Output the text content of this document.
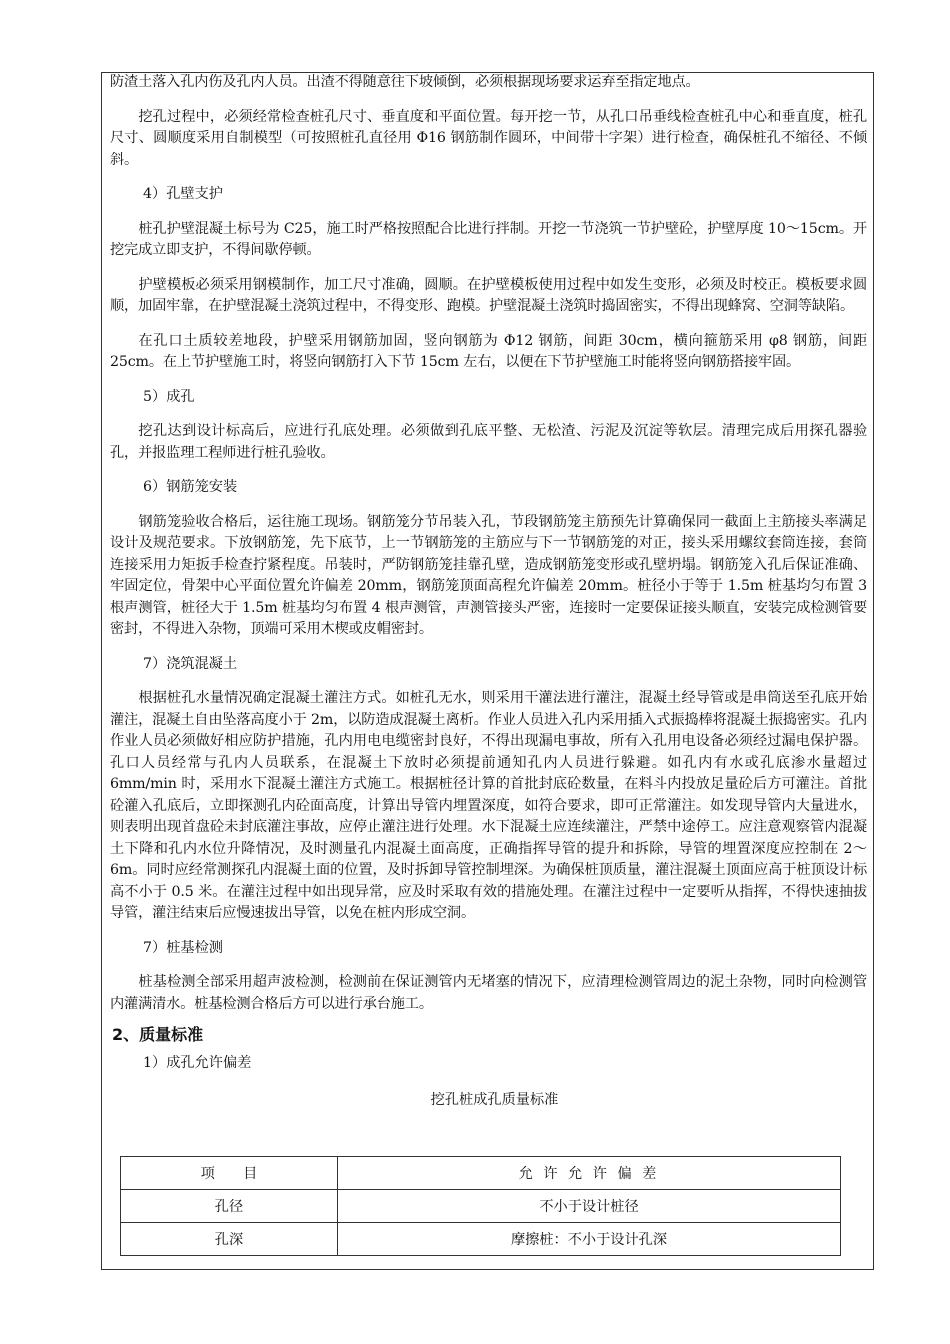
防渣土落入孔内伤及孔内人员。出渣不得随意往下坡倾倒，必须根据现场要求运弃至指定地点。

挖孔过程中，必须经常检查桩孔尺寸、垂直度和平面位置。每开挖一节，从孔口吊垂线检查桩孔中心和垂直度，桩孔尺寸、圆顺度采用自制模型（可按照桩孔直径用 Φ16 钢筋制作圆环，中间带十字架）进行检查，确保桩孔不缩径、不倾斜。

4）孔壁支护

桩孔护壁混凝土标号为 C25，施工时严格按照配合比进行拌制。开挖一节浇筑一节护壁砼，护壁厚度 10～15cm。开挖完成立即支护，不得间歇停顿。

护壁模板必须采用钢模制作，加工尺寸准确，圆顺。在护壁模板使用过程中如发生变形，必须及时校正。模板要求圆顺，加固牢靠，在护壁混凝土浇筑过程中，不得变形、跑模。护壁混凝土浇筑时捣固密实，不得出现蜂窝、空洞等缺陷。

在孔口土质较差地段，护壁采用钢筋加固，竖向钢筋为 Φ12 钢筋，间距 30cm，横向箍筋采用 φ8 钢筋，间距 25cm。在上节护壁施工时，将竖向钢筋打入下节 15cm 左右，以便在下节护壁施工时能将竖向钢筋搭接牢固。

5）成孔

挖孔达到设计标高后，应进行孔底处理。必须做到孔底平整、无松渣、污泥及沉淀等软层。清理完成后用探孔器验孔，并报监理工程师进行桩孔验收。

6）钢筋笼安装

钢筋笼验收合格后，运往施工现场。钢筋笼分节吊装入孔，节段钢筋笼主筋预先计算确保同一截面上主筋接头率满足设计及规范要求。下放钢筋笼，先下底节，上一节钢筋笼的主筋应与下一节钢筋笼的对正，接头采用螺纹套筒连接，套筒连接采用力矩扳手检查拧紧程度。吊装时，严防钢筋笼挂靠孔壁，造成钢筋笼变形或孔壁坍塌。钢筋笼入孔后保证准确、牢固定位，骨架中心平面位置允许偏差 20mm，钢筋笼顶面高程允许偏差 20mm。桩径小于等于 1.5m 桩基均匀布置 3 根声测管，桩径大于 1.5m 桩基均匀布置 4 根声测管，声测管接头严密，连接时一定要保证接头顺直，安装完成检测管要密封，不得进入杂物，顶端可采用木楔或皮帽密封。

7）浇筑混凝土

根据桩孔水量情况确定混凝土灌注方式。如桩孔无水，则采用干灌法进行灌注，混凝土经导管或是串筒送至孔底开始灌注，混凝土自由坠落高度小于 2m，以防造成混凝土离析。作业人员进入孔内采用插入式振捣棒将混凝土振捣密实。孔内作业人员必须做好相应防护措施，孔内用电电缆密封良好，不得出现漏电事故，所有入孔用电设备必须经过漏电保护器。孔口人员经常与孔内人员联系，在混凝土下放时必须提前通知孔内人员进行躲避。如孔内有水或孔底渗水量超过 6mm/min 时，采用水下混凝土灌注方式施工。根据桩径计算的首批封底砼数量，在料斗内投放足量砼后方可灌注。首批砼灌入孔底后，立即探测孔内砼面高度，计算出导管内埋置深度，如符合要求，即可正常灌注。如发现导管内大量进水，则表明出现首盘砼未封底灌注事故，应停止灌注进行处理。水下混凝土应连续灌注，严禁中途停工。应注意观察管内混凝土下降和孔内水位升降情况，及时测量孔内混凝土面高度，正确指挥导管的提升和拆除，导管的埋置深度应控制在 2～6m。同时应经常测探孔内混凝土面的位置，及时拆卸导管控制埋深。为确保桩顶质量，灌注混凝土顶面应高于桩顶设计标高不小于 0.5 米。在灌注过程中如出现异常，应及时采取有效的措施处理。在灌注过程中一定要听从指挥，不得快速抽拔导管，灌注结束后应慢速拔出导管，以免在桩内形成空洞。

7）桩基检测

桩基检测全部采用超声波检测，检测前在保证测管内无堵塞的情况下，应清理检测管周边的泥土杂物，同时向检测管内灌满清水。桩基检测合格后方可以进行承台施工。

2、质量标准

1）成孔允许偏差

挖孔桩成孔质量标准
项　　目	允 许 允 许 偏 差
孔径	不小于设计桩径
孔深	摩擦桩：不小于设计孔深
